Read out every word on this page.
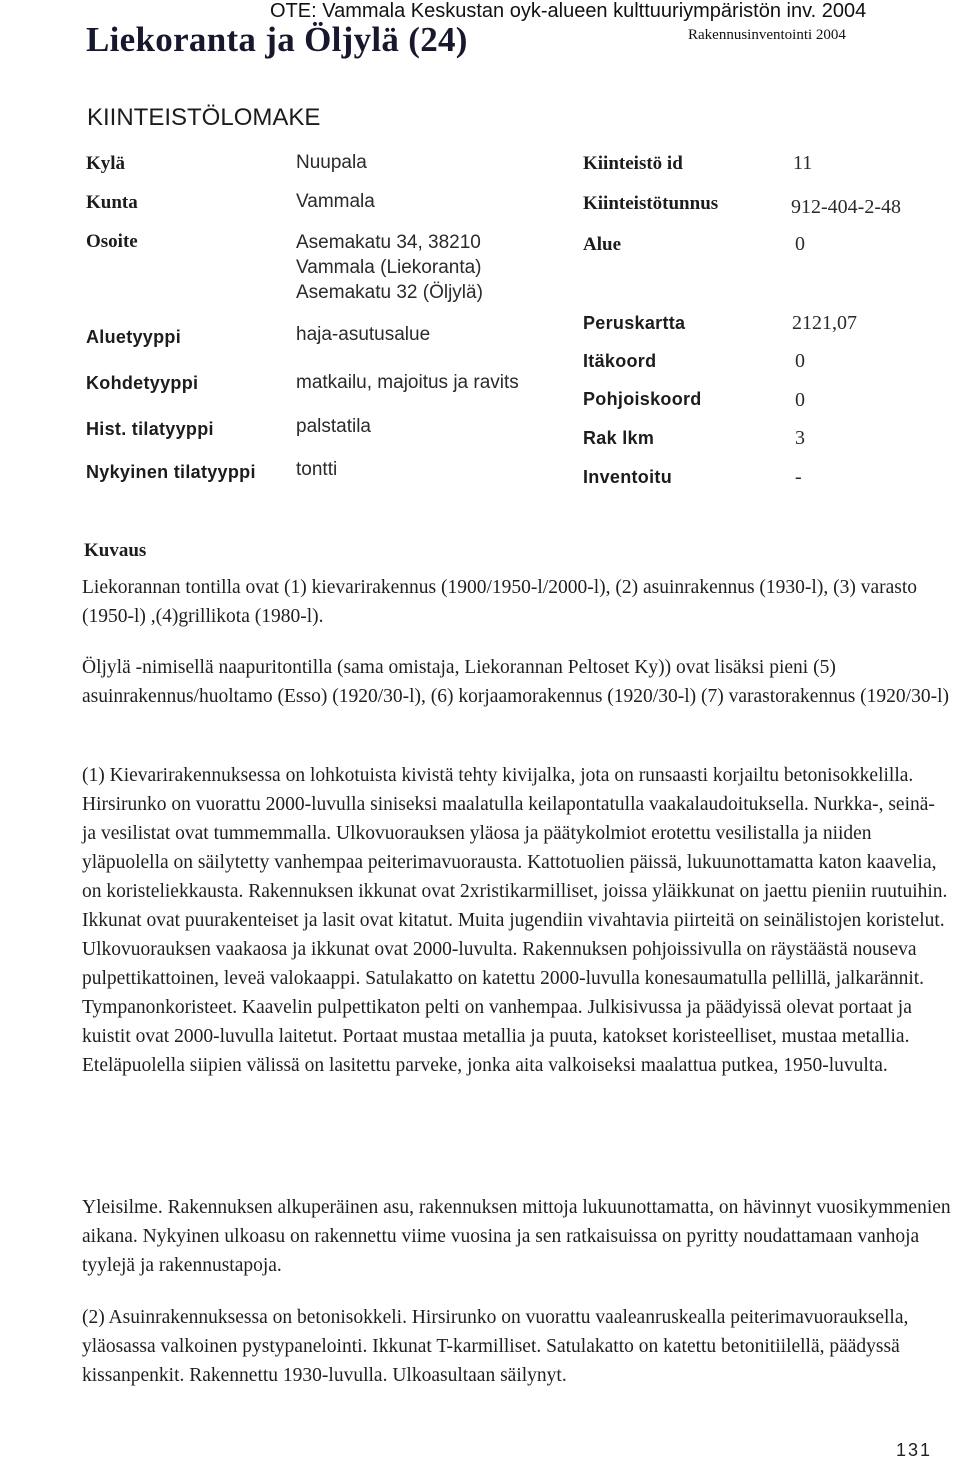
OTE: Vammala Keskustan oyk-alueen kulttuuriympäristön inv. 2004
Liekoranta ja Öljylä (24)	Rakennusinventointi 2004
KIINTEISTÖLOMAKE
Kylä
Kunta
Osoite
Aluetyyppi
Kohdetyyppi
Hist. tilatyyppi
Nykyinen tilatyyppi
Nuupala
Vammala
Asemakatu 34, 38210
Vammala (Liekoranta)
Asemakatu 32 (Öljylä)
haja-asutusalue
matkailu, majoitus ja ravits
palstatila
tontti
Kiinteistö id
Kiinteistötunnus
Alue
Peruskartta
Itäkoord
Pohjoiskoord
Rak lkm
Inventoitu
11
912-404-2-48
0
2121,07
0
0
3
-
Kuvaus
Liekorannan tontilla ovat (1) kievarirakennus (1900/1950-l/2000-l), (2) asuinrakennus (1930-l), (3) varasto (1950-l) ,(4)grillikota (1980-l).
Öljylä -nimisellä naapuritontilla (sama omistaja, Liekorannan Peltoset Ky)) ovat lisäksi pieni (5) asuinrakennus/huoltamo (Esso) (1920/30-l), (6) korjaamorakennus (1920/30-l) (7) varastorakennus (1920/30-l)
(1) Kievarirakennuksessa on lohkotuista kivistä tehty kivijalka, jota on runsaasti korjailtu betonisokkelilla. Hirsirunko on vuorattu 2000-luvulla siniseksi maalatulla keilapontatulla vaakalaudoituksella. Nurkka-, seinä- ja vesilistat ovat tummemmalla. Ulkovuorauksen yläosa ja päätykolmiot erotettu vesilistalla ja niiden yläpuolella on säilytetty vanhempaa peiterimavuorausta. Kattotuolien päissä, lukuunottamatta katon kaavelia, on koristeliekkausta. Rakennuksen ikkunat ovat 2xristikarmilliset, joissa yläikkunat on jaettu pieniin ruutuihin. Ikkunat ovat puurakenteiset ja lasit ovat kitatut. Muita jugendiin vivahtavia piirteitä on seinälistojen koristelut. Ulkovuorauksen vaakaosa ja ikkunat ovat 2000-luvulta. Rakennuksen pohjoissivulla on räystäästä nouseva pulpettikattoinen, leveä valokaappi. Satulakatto on katettu 2000-luvulla konesaumatulla pellillä, jalkarännit. Tympanonkoristeet. Kaavelin pulpettikaton pelti on vanhempaa. Julkisivussa ja päädyissä olevat portaat ja kuistit ovat 2000-luvulla laitetut. Portaat mustaa metallia ja puuta, katokset koristeelliset, mustaa metallia. Eteläpuolella siipien välissä on lasitettu parveke, jonka aita valkoiseksi maalattua putkea, 1950-luvulta.
Yleisilme. Rakennuksen alkuperäinen asu, rakennuksen mittoja lukuunottamatta, on hävinnyt vuosikymmenien aikana. Nykyinen ulkoasu on rakennettu viime vuosina ja sen ratkaisuissa on pyritty noudattamaan vanhoja tyylejä ja rakennustapoja.
(2) Asuinrakennuksessa on betonisokkeli. Hirsirunko on vuorattu vaaleanruskealla peiterimavuorauksella, yläosassa valkoinen pystypanelointi. Ikkunat T-karmilliset. Satulakatto on katettu betonitiilellä, päädyssä kissanpenkit. Rakennettu 1930-luvulla. Ulkoasultaan säilynyt.
131
